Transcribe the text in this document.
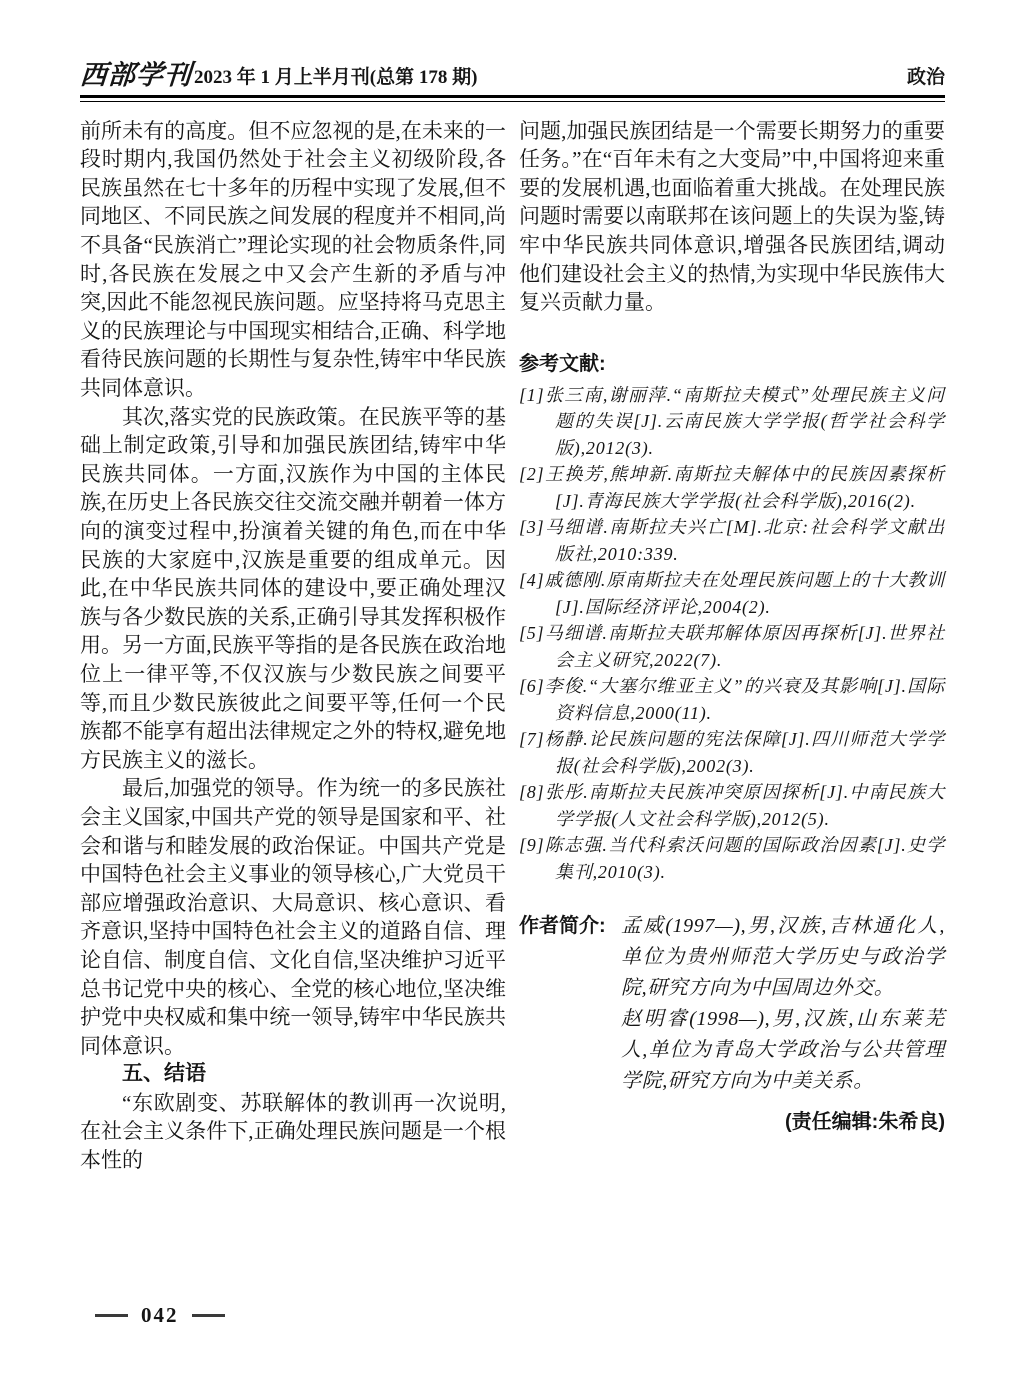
西部学刊 2023 年 1 月上半月刊(总第 178 期)	政治

前所未有的高度。但不应忽视的是,在未来的一段时期内,我国仍然处于社会主义初级阶段,各民族虽然在七十多年的历程中实现了发展,但不同地区、不同民族之间发展的程度并不相同,尚不具备“民族消亡”理论实现的社会物质条件,同时,各民族在发展之中又会产生新的矛盾与冲突,因此不能忽视民族问题。应坚持将马克思主义的民族理论与中国现实相结合,正确、科学地看待民族问题的长期性与复杂性,铸牢中华民族共同体意识。

其次,落实党的民族政策。在民族平等的基础上制定政策,引导和加强民族团结,铸牢中华民族共同体。一方面,汉族作为中国的主体民族,在历史上各民族交往交流交融并朝着一体方向的演变过程中,扮演着关键的角色,而在中华民族的大家庭中,汉族是重要的组成单元。因此,在中华民族共同体的建设中,要正确处理汉族与各少数民族的关系,正确引导其发挥积极作用。另一方面,民族平等指的是各民族在政治地位上一律平等,不仅汉族与少数民族之间要平等,而且少数民族彼此之间要平等,任何一个民族都不能享有超出法律规定之外的特权,避免地方民族主义的滋长。

最后,加强党的领导。作为统一的多民族社会主义国家,中国共产党的领导是国家和平、社会和谐与和睦发展的政治保证。中国共产党是中国特色社会主义事业的领导核心,广大党员干部应增强政治意识、大局意识、核心意识、看齐意识,坚持中国特色社会主义的道路自信、理论自信、制度自信、文化自信,坚决维护习近平总书记党中央的核心、全党的核心地位,坚决维护党中央权威和集中统一领导,铸牢中华民族共同体意识。

五、结语

“东欧剧变、苏联解体的教训再一次说明,在社会主义条件下,正确处理民族问题是一个根本性的

问题,加强民族团结是一个需要长期努力的重要任务。”在“百年未有之大变局”中,中国将迎来重要的发展机遇,也面临着重大挑战。在处理民族问题时需要以南联邦在该问题上的失误为鉴,铸牢中华民族共同体意识,增强各民族团结,调动他们建设社会主义的热情,为实现中华民族伟大复兴贡献力量。

参考文献:

[1]张三南,谢丽萍.“南斯拉夫模式”处理民族主义问题的失误[J].云南民族大学学报(哲学社会科学版),2012(3).
[2]王换芳,熊坤新.南斯拉夫解体中的民族因素探析[J].青海民族大学学报(社会科学版),2016(2).
[3]马细谱.南斯拉夫兴亡[M].北京:社会科学文献出版社,2010:339.
[4]戚德刚.原南斯拉夫在处理民族问题上的十大教训[J].国际经济评论,2004(2).
[5]马细谱.南斯拉夫联邦解体原因再探析[J].世界社会主义研究,2022(7).
[6]李俊.“大塞尔维亚主义”的兴衰及其影响[J].国际资料信息,2000(11).
[7]杨静.论民族问题的宪法保障[J].四川师范大学学报(社会科学版),2002(3).
[8]张彤.南斯拉夫民族冲突原因探析[J].中南民族大学学报(人文社会科学版),2012(5).
[9]陈志强.当代科索沃问题的国际政治因素[J].史学集刊,2010(3).
作者简介: 孟威(1997—),男,汉族,吉林通化人,单位为贵州师范大学历史与政治学院,研究方向为中国周边外交。

赵明睿(1998—),男,汉族,山东莱芜人,单位为青岛大学政治与公共管理学院,研究方向为中美关系。

(责任编辑:朱希良)

042
